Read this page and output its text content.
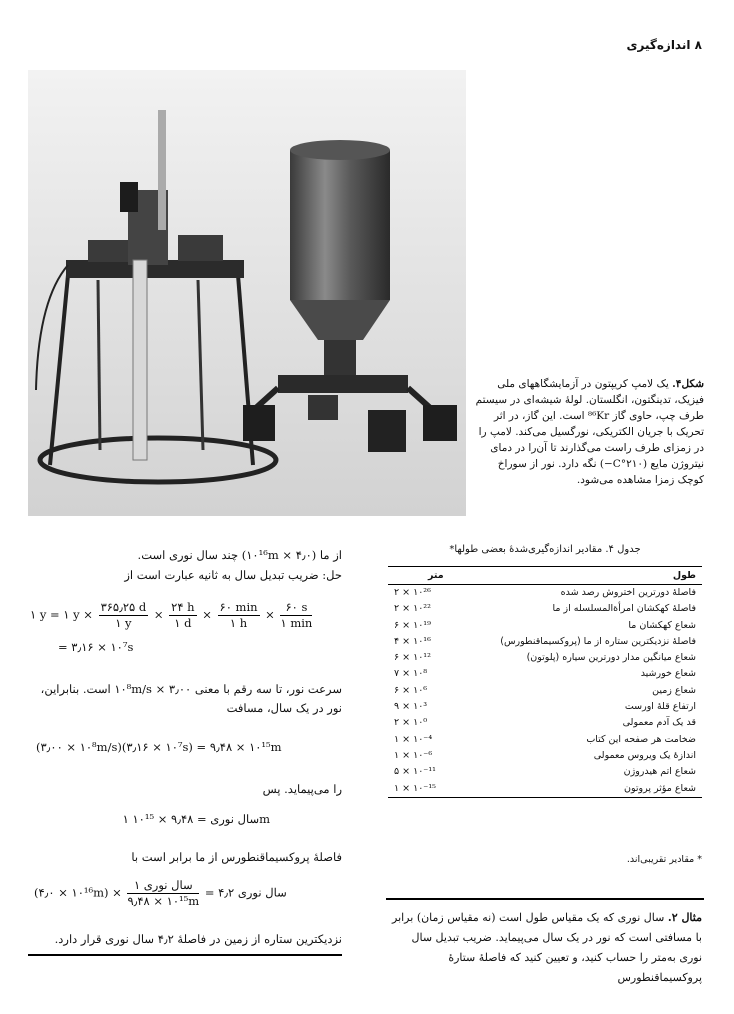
۸ اندازه‌گیری
شکل۴. یک لامپ کریپتون در آزمایشگاههای ملی فیزیک، تدینگتون، انگلستان. لولهٔ شیشه‌ای در سیستم طرف چپ، حاوی گاز ⁸⁶Kr است. این گاز، در اثر تحریک با جریان الکتریکی، نورگسیل می‌کند. لامپ را در زمزای طرف راست می‌گذارند تا آن‌را در دمای نیتروژن مایع (۲۱۰°C−) نگه دارد. نور از سوراخ کوچک زمزا مشاهده می‌شود.
جدول ۴. مقادیر اندازه‌گیری‌شدهٔ بعضی طولها*
طول
متر
فاصلهٔ دورترین اختروش رصد شده
۲ × ۱۰²⁶
فاصلهٔ کهکشان امرأةالمسلسله از ما
۲ × ۱۰²²
شعاع کهکشان ما
۶ × ۱۰¹⁹
فاصلهٔ نزدیکترین ستاره از ما (پروکسیماقنطورس)
۴ × ۱۰¹⁶
شعاع میانگین مدار دورترین سیاره (پلوتون)
۶ × ۱۰¹²
شعاع خورشید
۷ × ۱۰⁸
شعاع زمین
۶ × ۱۰⁶
ارتفاع قلهٔ اورست
۹ × ۱۰³
قد یک آدم معمولی
۲ × ۱۰⁰
ضخامت هر صفحه این کتاب
۱ × ۱۰⁻⁴
اندازهٔ یک ویروس معمولی
۱ × ۱۰⁻⁶
شعاع اتم هیدروژن
۵ × ۱۰⁻¹¹
شعاع مؤثر پروتون
۱ × ۱۰⁻¹⁵
* مقادیر تقریبی‌اند.
از ما (۴٫۰ × ۱۰¹⁶m) چند سال نوری است.
حل: ضریب تبدیل سال به ثانیه عبارت است از
۱ y = ۱ $y \times \frac{۳۶۵٫۲۵ d}{۱ y} \times \frac{۲۴ h}{۱ d} \times \frac{۶۰ \min}{۱ h} \times \frac{۶۰ s}{۱ \min}$
= ۳٫۱۶ × ۱۰⁷s
سرعت نور، تا سه رقم با معنی ۳٫۰۰ × ۱۰⁸m/s است. بنابراین، نور در یک سال، مسافت
(۳٫۰۰ × ۱۰⁸m/s)(۳٫۱۶ × ۱۰⁷s) = ۹٫۴۸ × ۱۰¹⁵m
را می‌پیماید. پس
۱ سال نوری = ۹٫۴۸ × ۱۰¹⁵m
فاصلهٔ پروکسیماقنطورس از ما برابر است با
(۴٫۰ × ۱۰¹⁶m) × $\frac{\text{۱ سال نوری}}{\text{۹٫۴۸ × ۱۰¹⁵m}}$ = ۴٫۲ سال نوری
نزدیکترین ستاره از زمین در فاصلهٔ ۴٫۲ سال نوری قرار دارد.
مثال ۲. سال نوری که یک مقیاس طول است (نه مقیاس زمان) برابر با مسافتی است که نور در یک سال می‌پیماید. ضریب تبدیل سال نوری به‌متر را حساب کنید، و تعیین کنید که فاصلهٔ ستارهٔ پروکسیماقنطورس
